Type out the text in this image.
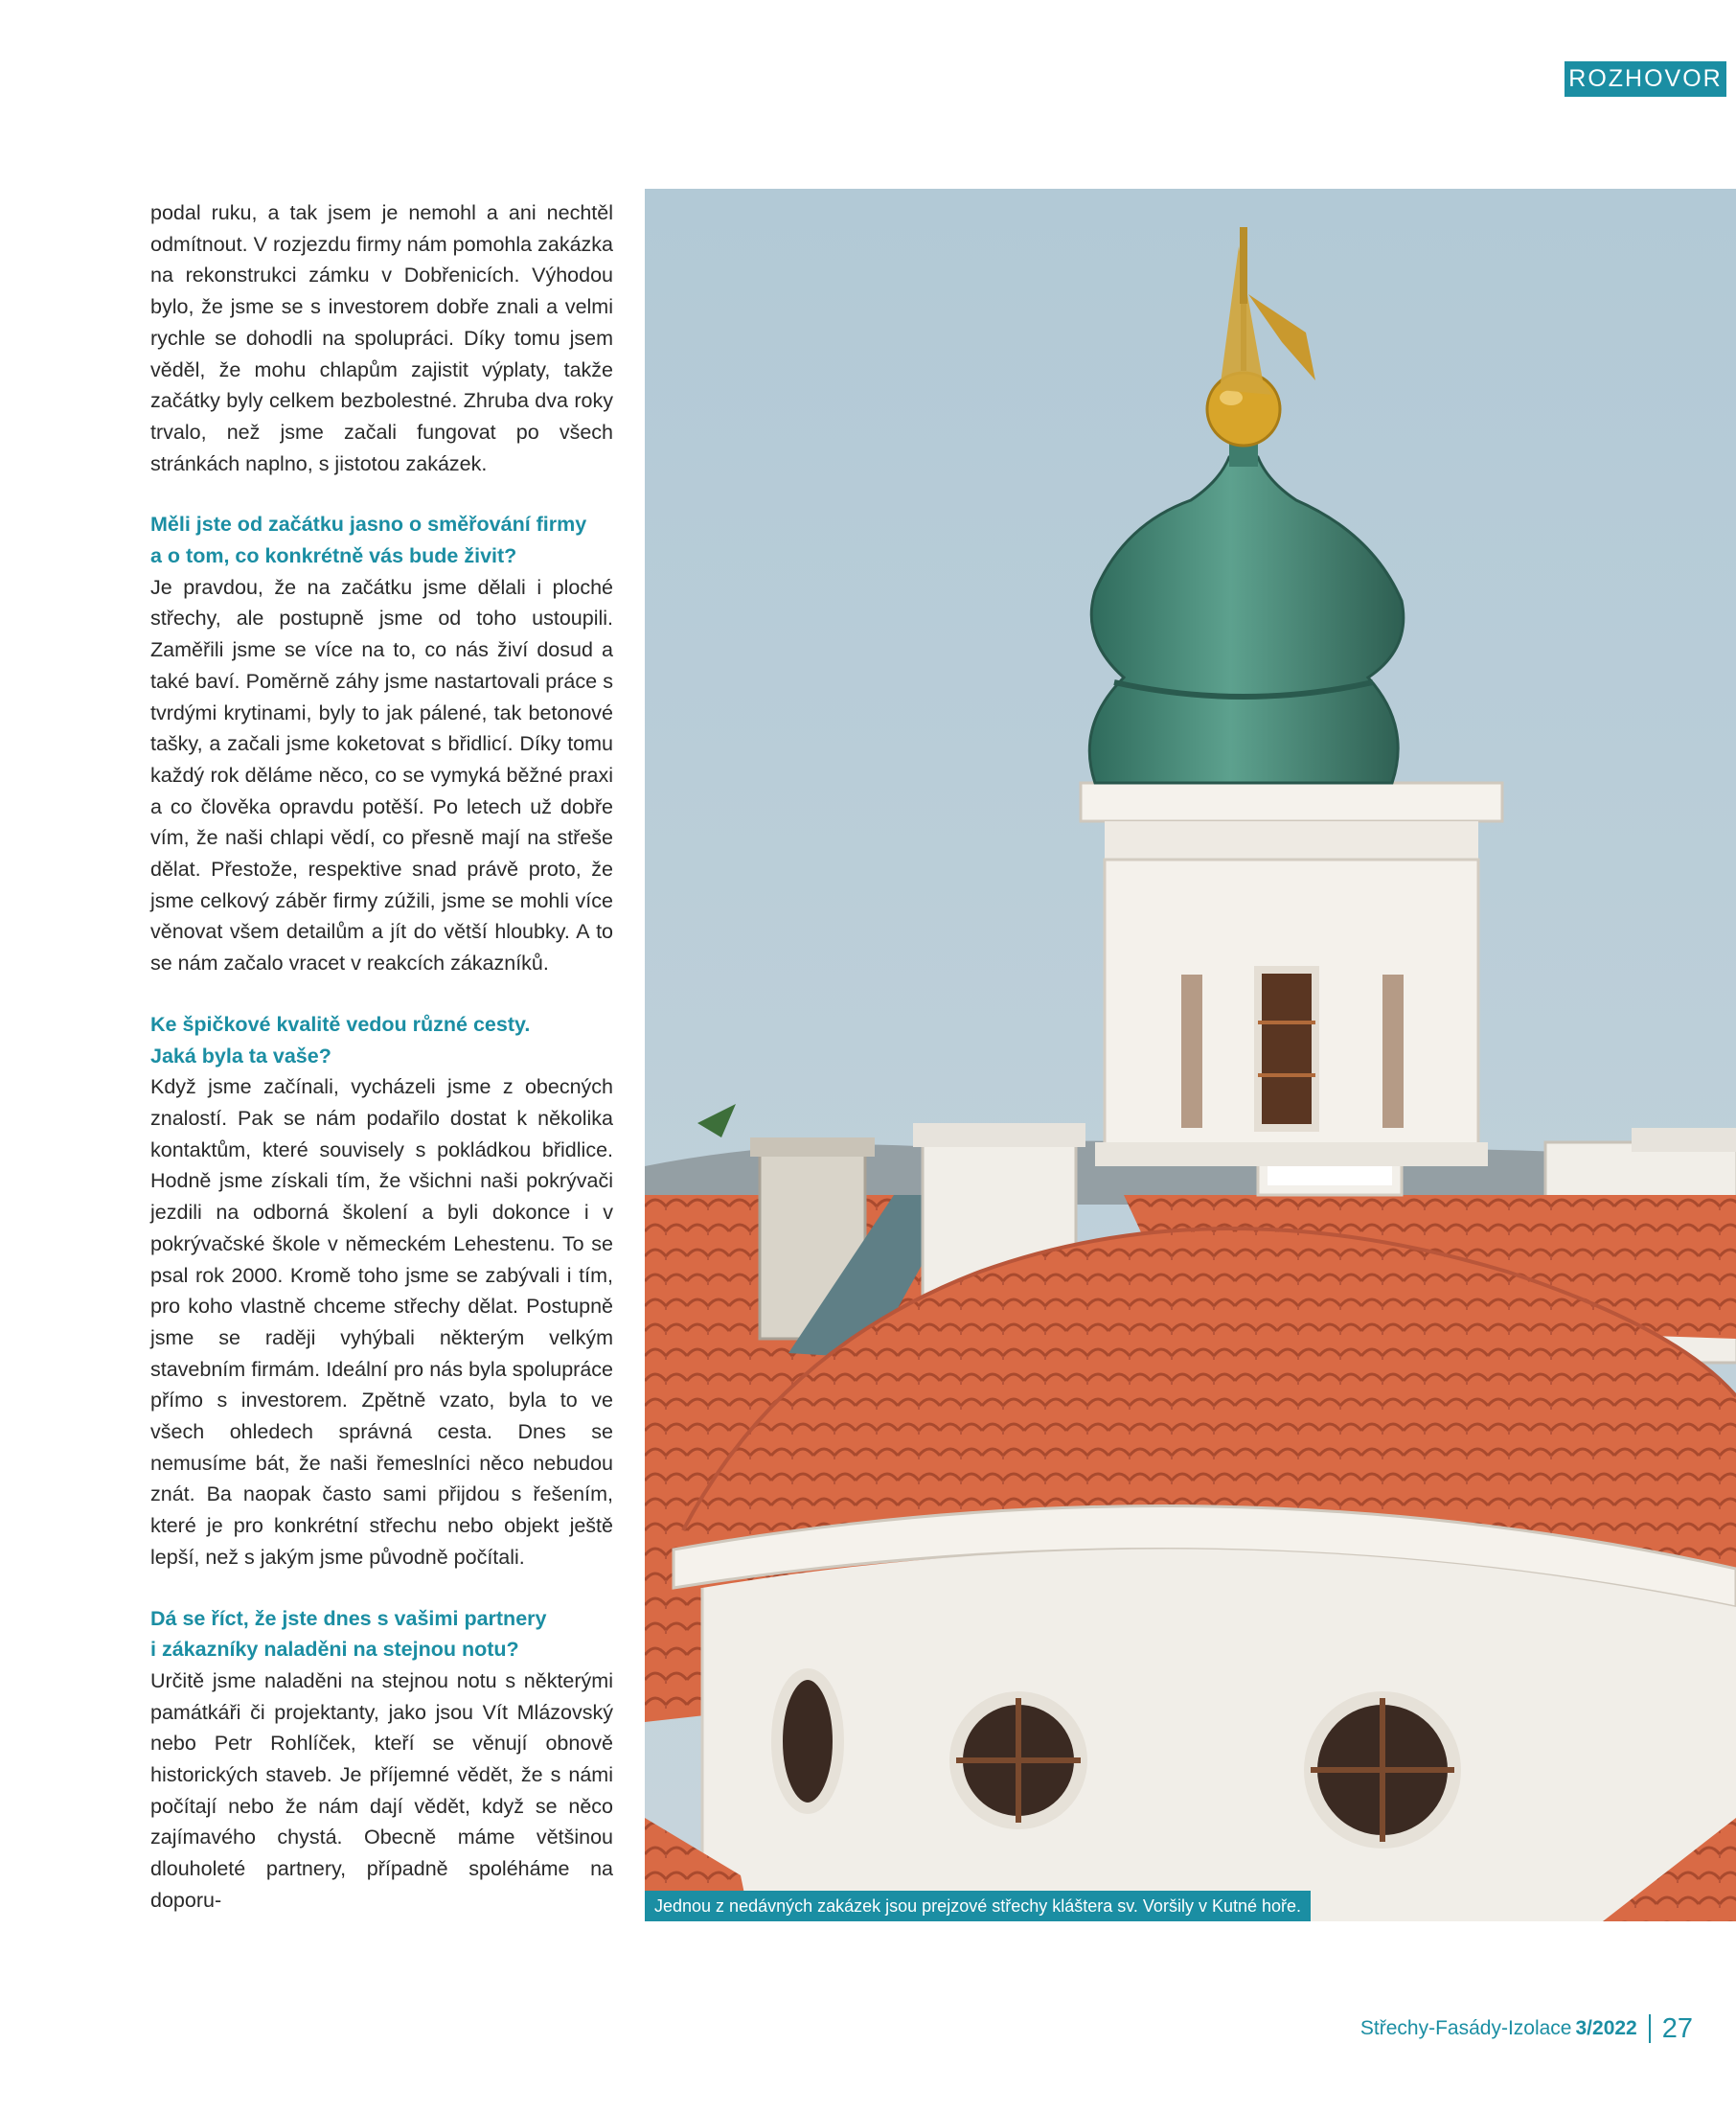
ROZHOVOR

podal ruku, a tak jsem je nemohl a ani nechtěl odmítnout. V rozjezdu firmy nám pomohla zakázka na rekonstrukci zámku v Dobřenicích. Výhodou bylo, že jsme se s investorem dobře znali a velmi rychle se dohodli na spolupráci. Díky tomu jsem věděl, že mohu chlapům zajistit výplaty, takže začátky byly celkem bezbolestné. Zhruba dva roky trvalo, než jsme začali fungovat po všech stránkách naplno, s jistotou zakázek.

Měli jste od začátku jasno o směřování firmy
a o tom, co konkrétně vás bude živit?

Je pravdou, že na začátku jsme dělali i ploché střechy, ale postupně jsme od toho ustoupili. Zaměřili jsme se více na to, co nás živí dosud a také baví. Poměrně záhy jsme nastartovali práce s tvrdými krytinami, byly to jak pálené, tak betonové tašky, a začali jsme koketovat s břidlicí. Díky tomu každý rok děláme něco, co se vymyká běžné praxi a co člověka opravdu potěší. Po letech už dobře vím, že naši chlapi vědí, co přesně mají na střeše dělat. Přestože, respektive snad právě proto, že jsme celkový záběr firmy zúžili, jsme se mohli více věnovat všem detailům a jít do větší hloubky. A to se nám začalo vracet v reakcích zákazníků.

Ke špičkové kvalitě vedou různé cesty.
Jaká byla ta vaše?

Když jsme začínali, vycházeli jsme z obecných znalostí. Pak se nám podařilo dostat k několika kontaktům, které souvisely s pokládkou břidlice. Hodně jsme získali tím, že všichni naši pokrývači jezdili na odborná školení a byli dokonce i v pokrývačské škole v německém Lehestenu. To se psal rok 2000. Kromě toho jsme se zabývali i tím, pro koho vlastně chceme střechy dělat. Postupně jsme se raději vyhýbali některým velkým stavebním firmám. Ideální pro nás byla spolupráce přímo s investorem. Zpětně vzato, byla to ve všech ohledech správná cesta. Dnes se nemusíme bát, že naši řemeslníci něco nebudou znát. Ba naopak často sami přijdou s řešením, které je pro konkrétní střechu nebo objekt ještě lepší, než s jakým jsme původně počítali.

Dá se říct, že jste dnes s vašimi partnery
i zákazníky naladěni na stejnou notu?

Určitě jsme naladěni na stejnou notu s některými památkáři či projektanty, jako jsou Vít Mlázovský nebo Petr Rohlíček, kteří se věnují obnově historických staveb. Je příjemné vědět, že s námi počítají nebo že nám dají vědět, když se něco zajímavého chystá. Obecně máme většinou dlouholeté partnery, případně spoléháme na doporu-	Jednou z nedávných zakázek jsou prejzové střechy kláštera sv. Voršily v Kutné hoře.
Střechy-Fasády-Izolace 3/2022 27
